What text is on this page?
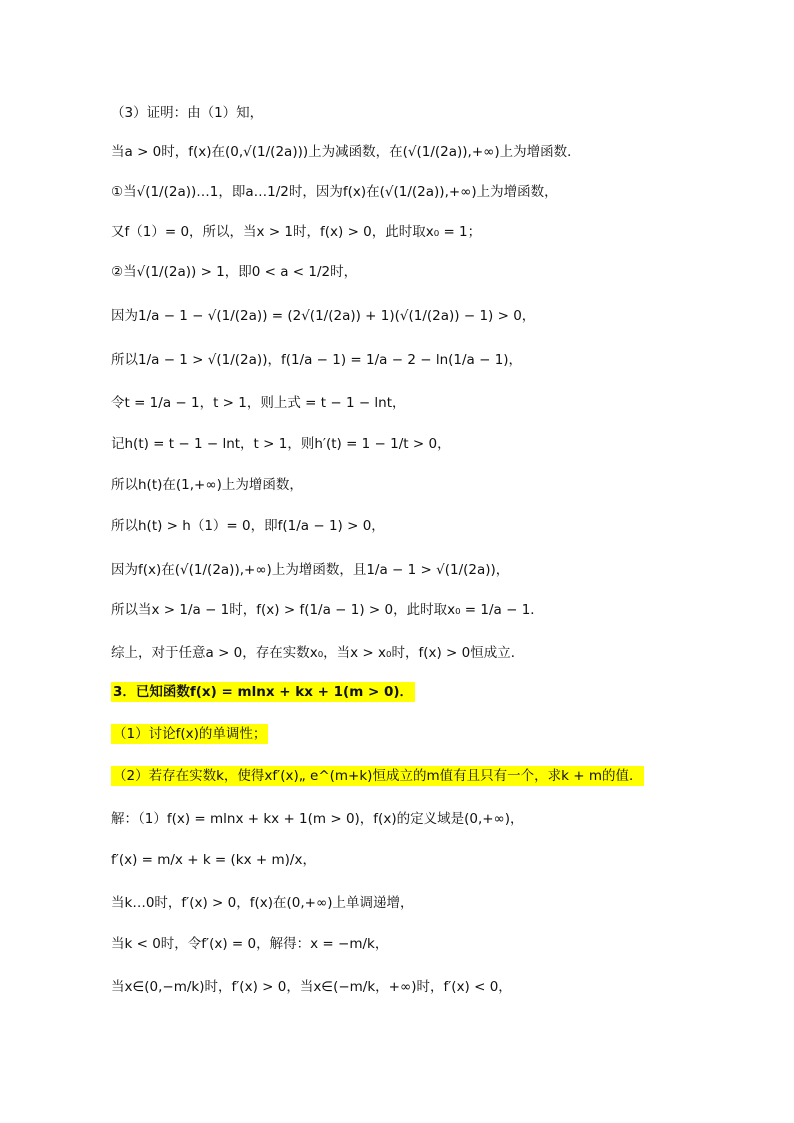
（3）证明：由（1）知，
当a > 0时，f(x)在(0,√(1/(2a)))上为减函数，在(√(1/(2a)),+∞)上为增函数．
①当√(1/(2a))…1，即a…1/2时，因为f(x)在(√(1/(2a)),+∞)上为增函数，
又f（1）= 0，所以，当x > 1时，f(x) > 0，此时取x₀ = 1；
②当√(1/(2a)) > 1，即0 < a < 1/2时，
因为1/a − 1 − √(1/(2a)) = (2√(1/(2a)) + 1)(√(1/(2a)) − 1) > 0，
所以1/a − 1 > √(1/(2a))，f(1/a − 1) = 1/a − 2 − ln(1/a − 1)，
令t = 1/a − 1，t > 1，则上式 = t − 1 − lnt，
记h(t) = t − 1 − lnt，t > 1，则h′(t) = 1 − 1/t > 0，
所以h(t)在(1,+∞)上为增函数，
所以h(t) > h（1）= 0，即f(1/a − 1) > 0，
因为f(x)在(√(1/(2a)),+∞)上为增函数，且1/a − 1 > √(1/(2a))，
所以当x > 1/a − 1时，f(x) > f(1/a − 1) > 0，此时取x₀ = 1/a − 1．
综上，对于任意a > 0，存在实数x₀，当x > x₀时，f(x) > 0恒成立．
3．已知函数f(x) = mlnx + kx + 1(m > 0)．
（1）讨论f(x)的单调性；
（2）若存在实数k，使得xf′(x)„ e^(m+k)恒成立的m值有且只有一个，求k + m的值．
解：（1）f(x) = mlnx + kx + 1(m > 0)，f(x)的定义域是(0,+∞)，
f′(x) = m/x + k = (kx + m)/x，
当k…0时，f′(x) > 0，f(x)在(0,+∞)上单调递增，
当k < 0时，令f′(x) = 0，解得：x = −m/k，
当x∈(0,−m/k)时，f′(x) > 0，当x∈(−m/k，+∞)时，f′(x) < 0，
